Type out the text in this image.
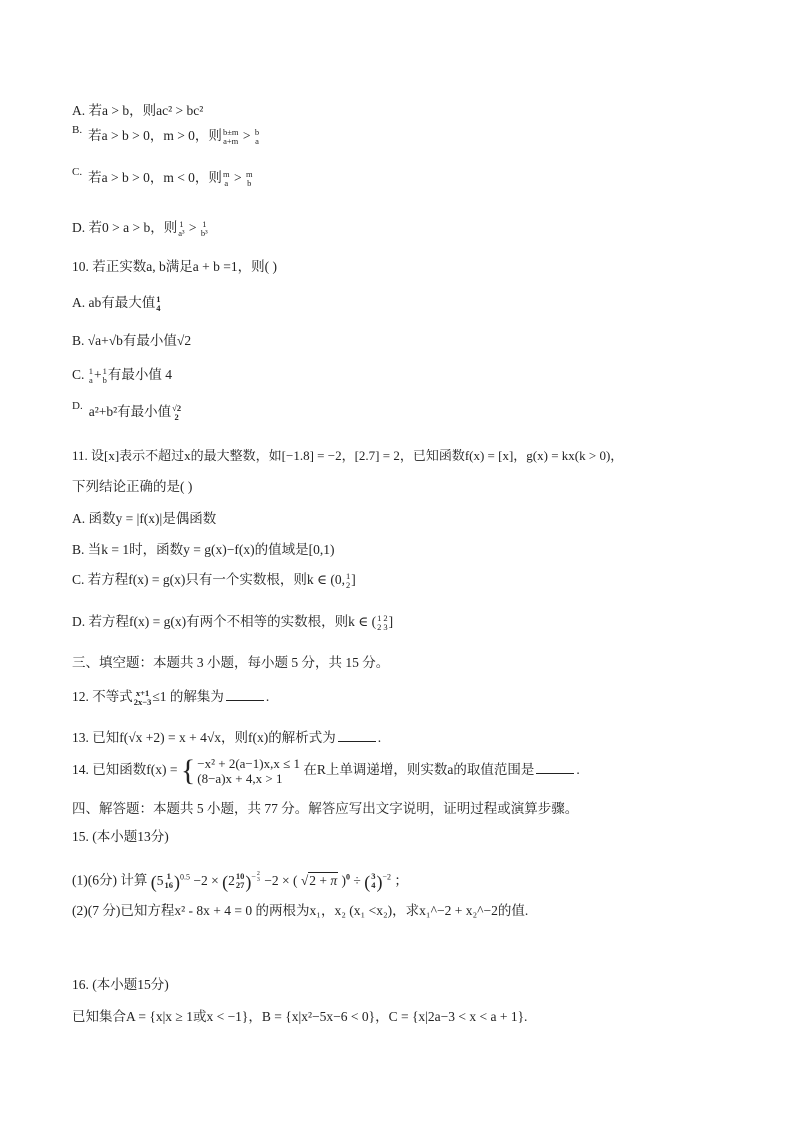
A. 若a > b，则ac² > bc²
$^{B.}$ 若a > b > 0，m > 0，则 b±m
a+m > b
a
$^{C.}$ 若a > b > 0，m < 0，则 m
a > m
b
D. 若0 > a > b，则 1
a³ > 1
b³
10. 若正实数a, b满足a + b =1，则( )
A. ab有最大值 1
4
B. √a+√b有最小值√2
C. 1
a + 1
b 有最小值 4
$^{D.}$ a²+b²有最小值 √2
2
11. 设[x]表示不超过x的最大整数，如[−1.8] = −2，[2.7] = 2，已知函数f(x) = [x]，g(x) = kx(k > 0)，
下列结论正确的是( )
A. 函数y = |f(x)|是偶函数
B. 当k = 1时，函数y = g(x)−f(x)的值域是[0,1)
C. 若方程f(x) = g(x)只有一个实数根，则k ∈ (0, 1
2 ]
D. 若方程f(x) = g(x)有两个不相等的实数根，则k ∈ ( 1
2
2
3 ]
三、填空题：本题共 3 小题，每小题 5 分，共 15 分。
12. 不等式 x+1
2x−3 ≤1 的解集为	.
13. 已知f(√x +2) = x + 4√x，则f(x)的解析式为	.
14. 已知函数f(x) = { −x² + 2(a−1)x,x ≤ 1
(8−a)x + 4,x > 1
在R上单调递增，则实数a的取值范围是	.
四、解答题：本题共 5 小题，共 77 分。解答应写出文字说明，证明过程或演算步骤。
15. (本小题13分)
(1)(6分) 计算 (5 1
16 )$^{0.5}$ −2 × (2 10
27 )$^{- 2 3}$ −2 × ( √2 + π )$^0$ ÷ ( 3
4 )$^{-2}$ ；
(2)(7 分)已知方程x² - 8x + 4 = 0 的两根为x₁，x₂ (x₁ <x₂)，求x₁^−2 + x₂^−2的值.
16. (本小题15分)
已知集合A = {x|x ≥ 1或x < −1}，B = {x|x²−5x−6 < 0}，C = {x|2a−3 < x < a + 1}.
